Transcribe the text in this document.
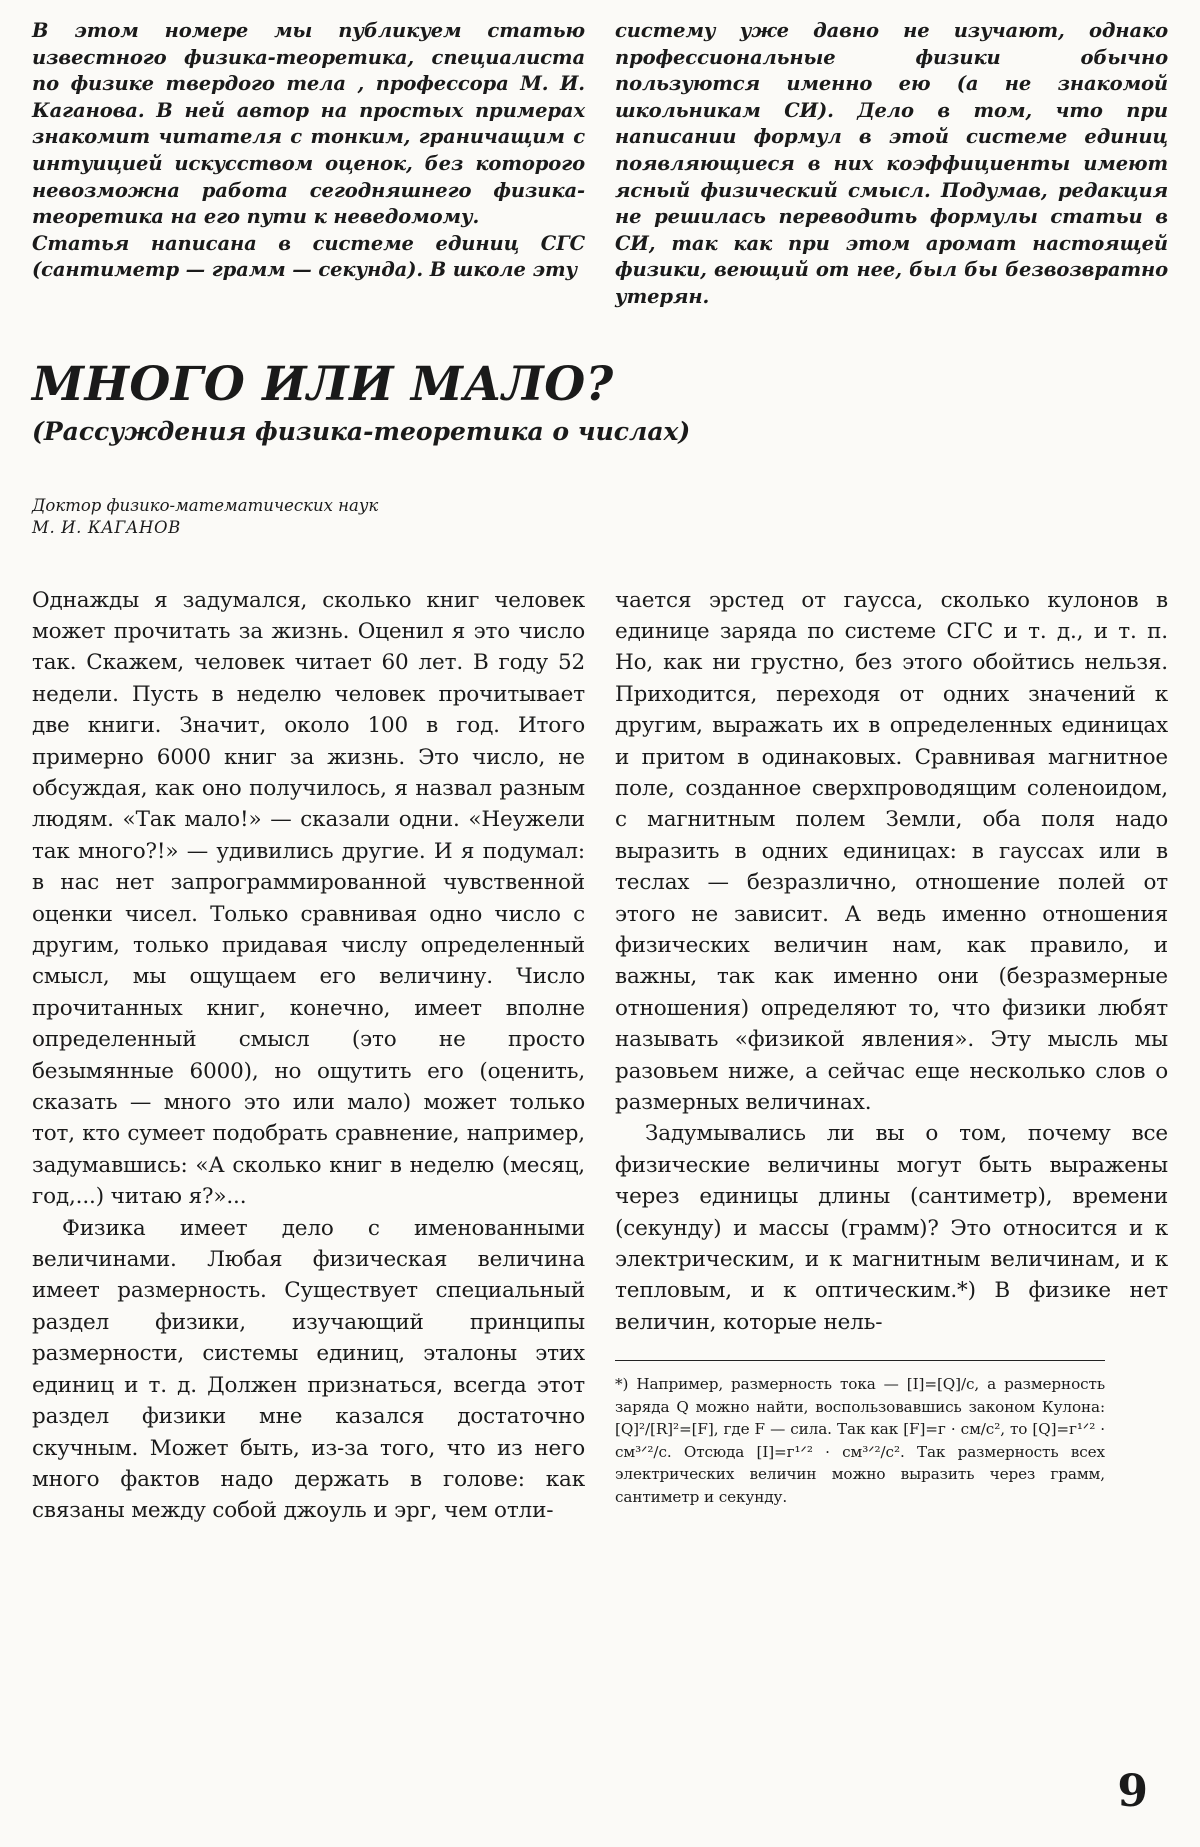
В этом номере мы публикуем статью известного физика-теоретика, специалиста по физике твердого тела , профессора М. И. Каганова. В ней автор на простых примерах знакомит читателя с тонким, граничащим с интуицией искусством оценок, без которого невозможна работа сегодняшнего физика-теоретика на его пути к неведомому.

Статья написана в системе единиц СГС (сантиметр — грамм — секунда). В школе эту

систему уже давно не изучают, однако профессиональные физики обычно пользуются именно ею (а не знакомой школьникам СИ). Дело в том, что при написании формул в этой системе единиц появляющиеся в них коэффициенты имеют ясный физический смысл. Подумав, редакция не решилась переводить формулы статьи в СИ, так как при этом аромат настоящей физики, веющий от нее, был бы безвозвратно утерян.

МНОГО ИЛИ МАЛО?

(Рассуждения физика-теоретика о числах)

Доктор физико-математических наук
М. И. КАГАНОВ

Однажды я задумался, сколько книг человек может прочитать за жизнь. Оценил я это число так. Скажем, человек читает 60 лет. В году 52 недели. Пусть в неделю человек прочитывает две книги. Значит, около 100 в год. Итого примерно 6000 книг за жизнь. Это число, не обсуждая, как оно получилось, я назвал разным людям. «Так мало!» — сказали одни. «Неужели так много?!» — удивились другие. И я подумал: в нас нет запрограммированной чувственной оценки чисел. Только сравнивая одно число с другим, только придавая числу определенный смысл, мы ощущаем его величину. Число прочитанных книг, конечно, имеет вполне определенный смысл (это не просто безымянные 6000), но ощутить его (оценить, сказать — много это или мало) может только тот, кто сумеет подобрать сравнение, например, задумавшись: «А сколько книг в неделю (месяц, год,...) читаю я?»...

Физика имеет дело с именованными величинами. Любая физическая величина имеет размерность. Существует специальный раздел физики, изучающий принципы размерности, системы единиц, эталоны этих единиц и т. д. Должен признаться, всегда этот раздел физики мне казался достаточно скучным. Может быть, из-за того, что из него много фактов надо держать в голове: как связаны между собой джоуль и эрг, чем отли-

чается эрстед от гаусса, сколько кулонов в единице заряда по системе СГС и т. д., и т. п. Но, как ни грустно, без этого обойтись нельзя. Приходится, переходя от одних значений к другим, выражать их в определенных единицах и притом в одинаковых. Сравнивая магнитное поле, созданное сверхпроводящим соленоидом, с магнитным полем Земли, оба поля надо выразить в одних единицах: в гауссах или в теслах — безразлично, отношение полей от этого не зависит. А ведь именно отношения физических величин нам, как правило, и важны, так как именно они (безразмерные отношения) определяют то, что физики любят называть «физикой явления». Эту мысль мы разовьем ниже, а сейчас еще несколько слов о размерных величинах.

Задумывались ли вы о том, почему все физические величины могут быть выражены через единицы длины (сантиметр), времени (секунду) и массы (грамм)? Это относится и к электрическим, и к магнитным величинам, и к тепловым, и к оптическим.*) В физике нет величин, которые нель-

*) Например, размерность тока — [I]=[Q]/c, а размерность заряда Q можно найти, воспользовавшись законом Кулона: [Q]²/[R]²=[F], где F — сила. Так как [F]=г · см/с², то [Q]=г¹ᐟ² · см³ᐟ²/с. Отсюда [I]=г¹ᐟ² · см³ᐟ²/с². Так размерность всех электрических величин можно выразить через грамм, сантиметр и секунду.

9
